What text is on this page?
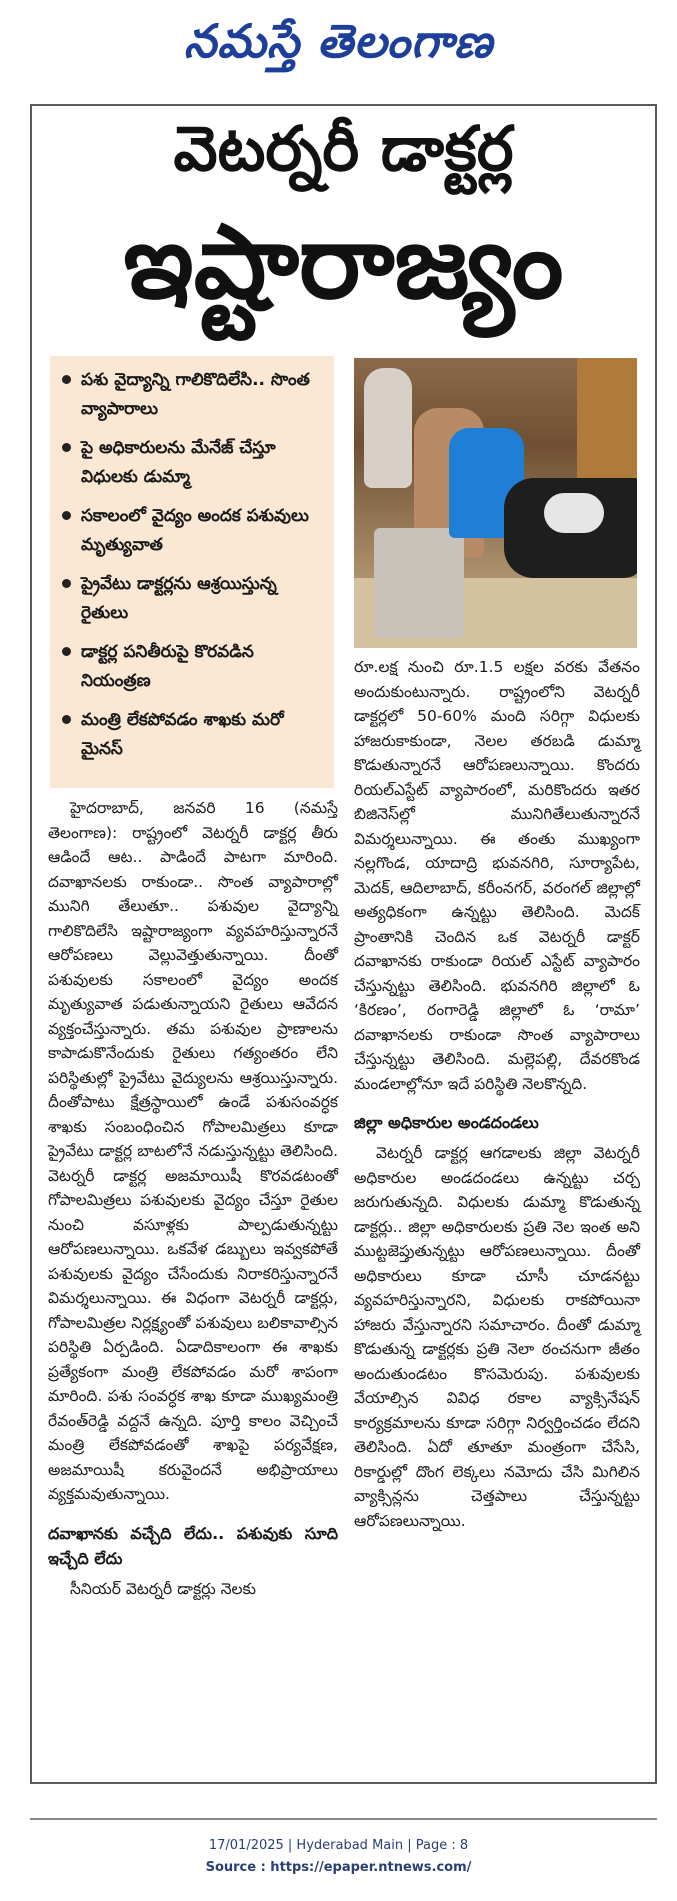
నమస్తే తెలంగాణ
వెటర్నరీ డాక్టర్ల
ఇష్టారాజ్యం
పశు వైద్యాన్ని గాలికొదిలేసి.. సొంత వ్యాపారాలు
పై అధికారులను మేనేజ్ చేస్తూ విధులకు డుమ్మా
సకాలంలో వైద్యం అందక పశువులు మృత్యువాత
ప్రైవేటు డాక్టర్లను ఆశ్రయిస్తున్న రైతులు
డాక్టర్ల పనితీరుపై కొరవడిన నియంత్రణ
మంత్రి లేకపోవడం శాఖకు మరో మైనస్

హైదరాబాద్‌, జనవరి 16 (నమస్తే తెలంగాణ): రాష్ట్రంలో వెటర్నరీ డాక్టర్ల తీరు ఆడిందే ఆట.. పాడిందే పాటగా మారింది. దవాఖానలకు రాకుండా.. సొంత వ్యాపారాల్లో మునిగి తేలుతూ.. పశువుల వైద్యాన్ని గాలికొదిలేసి ఇష్టారాజ్యంగా వ్యవహరిస్తున్నారనే ఆరోపణలు వెల్లువెత్తుతున్నాయి. దీంతో పశువులకు సకాలంలో వైద్యం అందక మృత్యువాత పడుతున్నాయని రైతులు ఆవేదన వ్యక్తంచేస్తున్నారు. తమ పశువుల ప్రాణాలను కాపాడుకొనేందుకు రైతులు గత్యంతరం లేని పరిస్థితుల్లో ప్రైవేటు వైద్యులను ఆశ్రయిస్తున్నారు. దీంతోపాటు క్షేత్రస్థాయిలో ఉండే పశుసంవర్ధక శాఖకు సంబంధించిన గోపాలమిత్రలు కూడా ప్రైవేటు డాక్టర్ల బాటలోనే నడుస్తున్నట్టు తెలిసింది. వెటర్నరీ డాక్టర్ల అజమాయిషీ కొరవడటంతో గోపాలమిత్రలు పశువులకు వైద్యం చేస్తూ రైతుల నుంచి వసూళ్లకు పాల్పడుతున్నట్టు ఆరోపణలున్నాయి. ఒకవేళ డబ్బులు ఇవ్వకపోతే పశువులకు వైద్యం చేసేందుకు నిరాకరిస్తున్నారనే విమర్శలున్నాయి. ఈ విధంగా వెటర్నరీ డాక్టర్లు, గోపాలమిత్రల నిర్లక్ష్యంతో పశువులు బలికావాల్సిన పరిస్థితి ఏర్పడింది. ఏడాదికాలంగా ఈ శాఖకు ప్రత్యేకంగా మంత్రి లేకపోవడం మరో శాపంగా మారింది. పశు సంవర్ధక శాఖ కూడా ముఖ్యమంత్రి రేవంత్‌రెడ్డి వద్దనే ఉన్నది. పూర్తి కాలం వెచ్చించే మంత్రి లేకపోవడంతో శాఖపై పర్యవేక్షణ, అజమాయిషీ కరువైందనే అభిప్రాయాలు వ్యక్తమవుతున్నాయి.

దవాఖానకు వచ్చేది లేదు.. పశువుకు సూది ఇచ్చేది లేదు

సీనియర్‌ వెటర్నరీ డాక్టర్లు నెలకు

రూ.లక్ష నుంచి రూ.1.5 లక్షల వరకు వేతనం అందుకుంటున్నారు. రాష్ట్రంలోని వెటర్నరీ డాక్టర్లలో 50-60% మంది సరిగ్గా విధులకు హాజరుకాకుండా, నెలల తరబడి డుమ్మా కొడుతున్నారనే ఆరోపణలున్నాయి. కొందరు రియల్‌ఎస్టేట్‌ వ్యాపారంలో, మరికొందరు ఇతర బిజినెస్‌ల్లో మునిగితేలుతున్నారనే విమర్శలున్నాయి. ఈ తంతు ముఖ్యంగా నల్లగొండ, యాదాద్రి భువనగిరి, సూర్యాపేట, మెదక్‌, ఆదిలాబాద్‌, కరీంనగర్‌, వరంగల్‌ జిల్లాల్లో అత్యధికంగా ఉన్నట్టు తెలిసింది. మెదక్‌ ప్రాంతానికి చెందిన ఒక వెటర్నరీ డాక్టర్‌ దవాఖానకు రాకుండా రియల్‌ ఎస్టేట్‌ వ్యాపారం చేస్తున్నట్టు తెలిసింది. భువనగిరి జిల్లాలో ఓ ‘కిరణం’, రంగారెడ్డి జిల్లాలో ఓ ‘రామా’ దవాఖానలకు రాకుండా సొంత వ్యాపారాలు చేస్తున్నట్టు తెలిసింది. మల్లెపల్లి, దేవరకొండ మండలాల్లోనూ ఇదే పరిస్థితి నెలకొన్నది.

జిల్లా అధికారుల అండదండలు

వెటర్నరీ డాక్టర్ల ఆగడాలకు జిల్లా వెటర్నరీ అధికారుల అండదండలు ఉన్నట్టు చర్చ జరుగుతున్నది. విధులకు డుమ్మా కొడుతున్న డాక్టర్లు.. జిల్లా అధికారులకు ప్రతి నెల ఇంత అని ముట్టజెప్తుతున్నట్టు ఆరోపణలున్నాయి. దీంతో అధికారులు కూడా చూసీ చూడనట్టు వ్యవహరిస్తున్నారని, విధులకు రాకపోయినా హాజరు వేస్తున్నారని సమాచారం. దీంతో డుమ్మా కొడుతున్న డాక్టర్లకు ప్రతి నెలా ఠంచనుగా జీతం అందుతుండటం కొసమెరుపు. పశువులకు వేయాల్సిన వివిధ రకాల వ్యాక్సినేషన్‌ కార్యక్రమాలను కూడా సరిగ్గా నిర్వర్తించడం లేదని తెలిసింది. ఏదో తూతూ మంత్రంగా చేసేసి, రికార్డుల్లో దొంగ లెక్కలు నమోదు చేసి మిగిలిన వ్యాక్సిన్లను చెత్తపాలు చేస్తున్నట్టు ఆరోపణలున్నాయి.

17/01/2025 | Hyderabad Main | Page : 8
Source : https://epaper.ntnews.com/
